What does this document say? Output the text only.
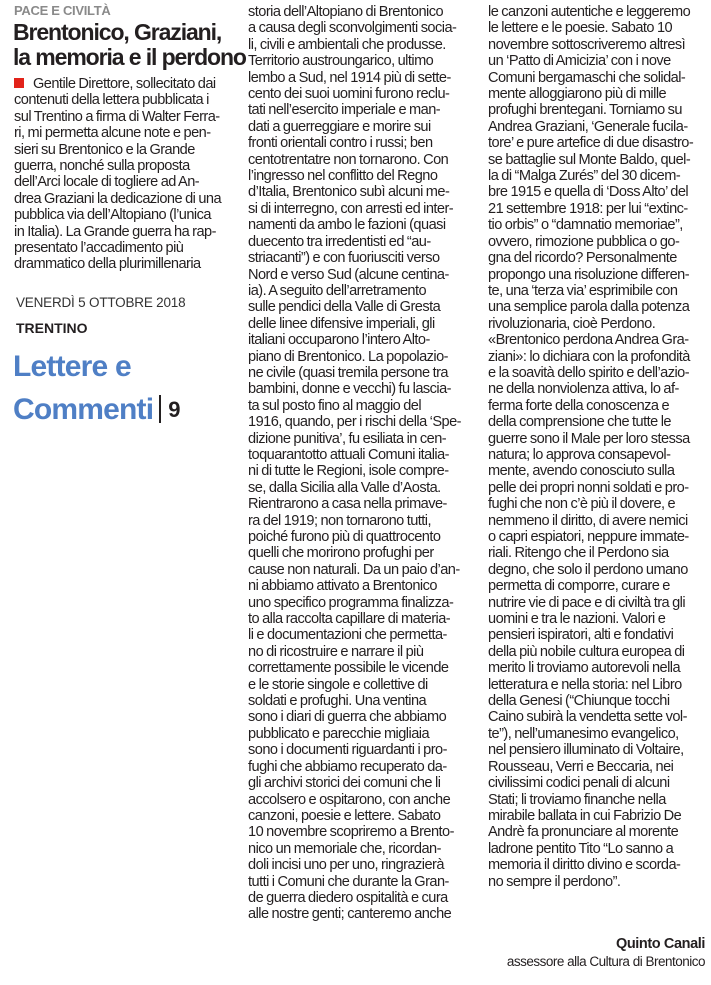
PACE E CIVILTÀ
Brentonico, Graziani,
la memoria e il perdono
Gentile Direttore, sollecitato dai
contenuti della lettera pubblicata i
sul Trentino a firma di Walter Ferra-
ri, mi permetta alcune note e pen-
sieri su Brentonico e la Grande
guerra, nonché sulla proposta
dell’Arci locale di togliere ad An-
drea Graziani la dedicazione di una
pubblica via dell’Altopiano (l’unica
in Italia). La Grande guerra ha rap-
presentato l’accadimento più
drammatico della plurimillenaria
storia dell’Altopiano di Brentonico
a causa degli sconvolgimenti socia-
li, civili e ambientali che produsse.
Territorio austroungarico, ultimo
lembo a Sud, nel 1914 più di sette-
cento dei suoi uomini furono reclu-
tati nell’esercito imperiale e man-
dati a guerreggiare e morire sui
fronti orientali contro i russi; ben
centotrentatre non tornarono. Con
l’ingresso nel conflitto del Regno
d’Italia, Brentonico subì alcuni me-
si di interregno, con arresti ed inter-
namenti da ambo le fazioni (quasi
duecento tra irredentisti ed “au-
striacanti”) e con fuoriusciti verso
Nord e verso Sud (alcune centina-
ia). A seguito dell’arretramento
sulle pendici della Valle di Gresta
delle linee difensive imperiali, gli
italiani occuparono l’intero Alto-
piano di Brentonico. La popolazio-
ne civile (quasi tremila persone tra
bambini, donne e vecchi) fu lascia-
ta sul posto fino al maggio del
1916, quando, per i rischi della ‘Spe-
dizione punitiva’, fu esiliata in cen-
toquarantotto attuali Comuni italia-
ni di tutte le Regioni, isole compre-
se, dalla Sicilia alla Valle d’Aosta.
Rientrarono a casa nella primave-
ra del 1919; non tornarono tutti,
poiché furono più di quattrocento
quelli che morirono profughi per
cause non naturali. Da un paio d’an-
ni abbiamo attivato a Brentonico
uno specifico programma finalizza-
to alla raccolta capillare di materia-
li e documentazioni che permetta-
no di ricostruire e narrare il più
correttamente possibile le vicende
e le storie singole e collettive di
soldati e profughi. Una ventina
sono i diari di guerra che abbiamo
pubblicato e parecchie migliaia
sono i documenti riguardanti i pro-
fughi che abbiamo recuperato da-
gli archivi storici dei comuni che li
accolsero e ospitarono, con anche
canzoni, poesie e lettere. Sabato
10 novembre scopriremo a Brento-
nico un memoriale che, ricordan-
doli incisi uno per uno, ringrazierà
tutti i Comuni che durante la Gran-
de guerra diedero ospitalità e cura
alle nostre genti; canteremo anche
le canzoni autentiche e leggeremo
le lettere e le poesie. Sabato 10
novembre sottoscriveremo altresì
un ‘Patto di Amicizia’ con i nove
Comuni bergamaschi che solidal-
mente alloggiarono più di mille
profughi brentegani. Torniamo su
Andrea Graziani, ‘Generale fucila-
tore’ e pure artefice di due disastro-
se battaglie sul Monte Baldo, quel-
la di “Malga Zurés” del 30 dicem-
bre 1915 e quella di ‘Doss Alto’ del
21 settembre 1918: per lui “extinc-
tio orbis” o “damnatio memoriae”,
ovvero, rimozione pubblica o go-
gna del ricordo? Personalmente
propongo una risoluzione differen-
te, una ‘terza via’ esprimibile con
una semplice parola dalla potenza
rivoluzionaria, cioè Perdono.
«Brentonico perdona Andrea Gra-
ziani»: lo dichiara con la profondità
e la soavità dello spirito e dell’azio-
ne della nonviolenza attiva, lo af-
ferma forte della conoscenza e
della comprensione che tutte le
guerre sono il Male per loro stessa
natura; lo approva consapevol-
mente, avendo conosciuto sulla
pelle dei propri nonni soldati e pro-
fughi che non c’è più il dovere, e
nemmeno il diritto, di avere nemici
o capri espiatori, neppure immate-
riali. Ritengo che il Perdono sia
degno, che solo il perdono umano
permetta di comporre, curare e
nutrire vie di pace e di civiltà tra gli
uomini e tra le nazioni. Valori e
pensieri ispiratori, alti e fondativi
della più nobile cultura europea di
merito li troviamo autorevoli nella
letteratura e nella storia: nel Libro
della Genesi (“Chiunque tocchi
Caino subirà la vendetta sette vol-
te”), nell’umanesimo evangelico,
nel pensiero illuminato di Voltaire,
Rousseau, Verri e Beccaria, nei
civilissimi codici penali di alcuni
Stati; li troviamo finanche nella
mirabile ballata in cui Fabrizio De
Andrè fa pronunciare al morente
ladrone pentito Tito “Lo sanno a
memoria il diritto divino e scorda-
no sempre il perdono”.
VENERDÌ 5 OTTOBRE 2018
TRENTINO
Lettere e
Commenti 9
Quinto Canali
assessore alla Cultura di Brentonico
